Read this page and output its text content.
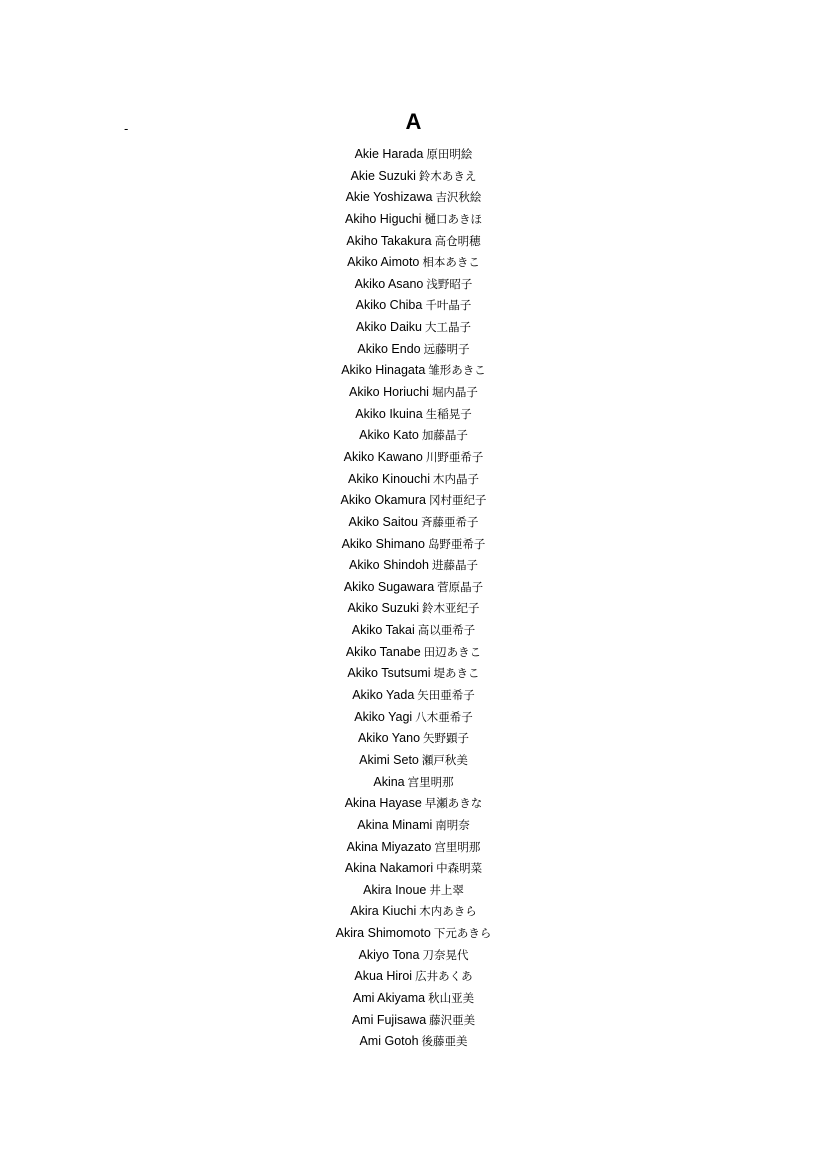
-	A
Akie Harada 原田明絵
Akie Suzuki 鈴木あきえ
Akie Yoshizawa 吉沢秋絵
Akiho Higuchi 樋口あきほ
Akiho Takakura 高仓明穂
Akiko Aimoto 相本あきこ
Akiko Asano 浅野昭子
Akiko Chiba 千叶晶子
Akiko Daiku 大工晶子
Akiko Endo 远藤明子
Akiko Hinagata 雏形あきこ
Akiko Horiuchi 堀内晶子
Akiko Ikuina 生稲晃子
Akiko Kato 加藤晶子
Akiko Kawano 川野亜希子
Akiko Kinouchi 木内晶子
Akiko Okamura 冈村亜纪子
Akiko Saitou 斉藤亜希子
Akiko Shimano 岛野亜希子
Akiko Shindoh 进藤晶子
Akiko Sugawara 菅原晶子
Akiko Suzuki 鈴木亚纪子
Akiko Takai 高以亜希子
Akiko Tanabe 田辺あきこ
Akiko Tsutsumi 堤あきこ
Akiko Yada 矢田亜希子
Akiko Yagi 八木亜希子
Akiko Yano 矢野顕子
Akimi Seto 瀬戸秋美
Akina 宫里明那
Akina Hayase 早瀬あきな
Akina Minami 南明奈
Akina Miyazato 宫里明那
Akina Nakamori 中森明菜
Akira Inoue 井上翠
Akira Kiuchi 木内あきら
Akira Shimomoto 下元あきら
Akiyo Tona 刀奈晃代
Akua Hiroi 広井あくあ
Ami Akiyama 秋山亚美
Ami Fujisawa 藤沢亜美
Ami Gotoh 後藤亜美
